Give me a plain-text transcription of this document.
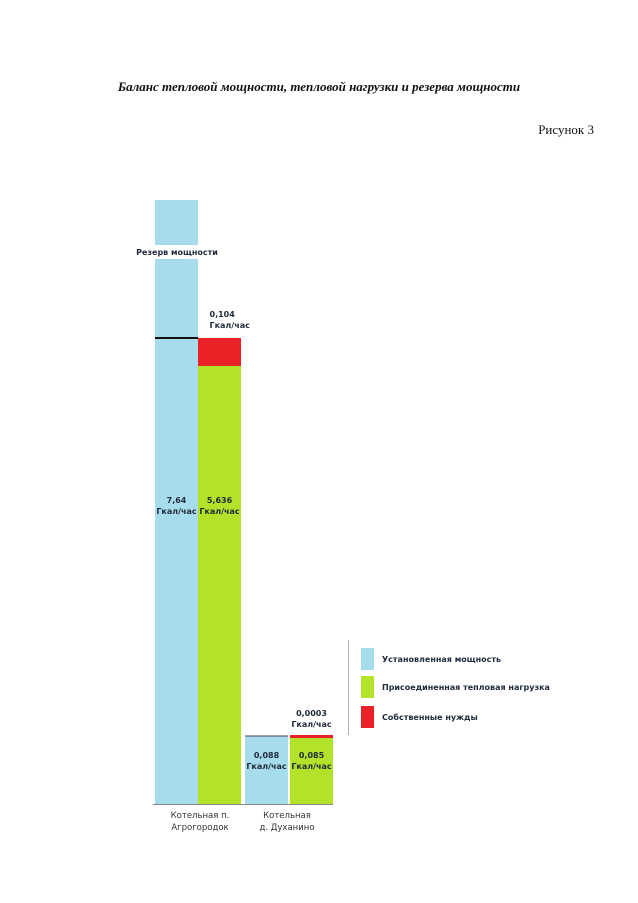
Баланс тепловой мощности, тепловой нагрузки и резерва мощности
Рисунок 3
7,64
Гкал/час
5,636
Гкал/час
0,104
Гкал/час
Котельная п.
Агрогородок
0,088
Гкал/час
0,085
Гкал/час
0,0003
Гкал/час
Котельная
д. Духанино
Резерв мощности
Установленная мощность
Присоединенная тепловая нагрузка
Собственные нужды
